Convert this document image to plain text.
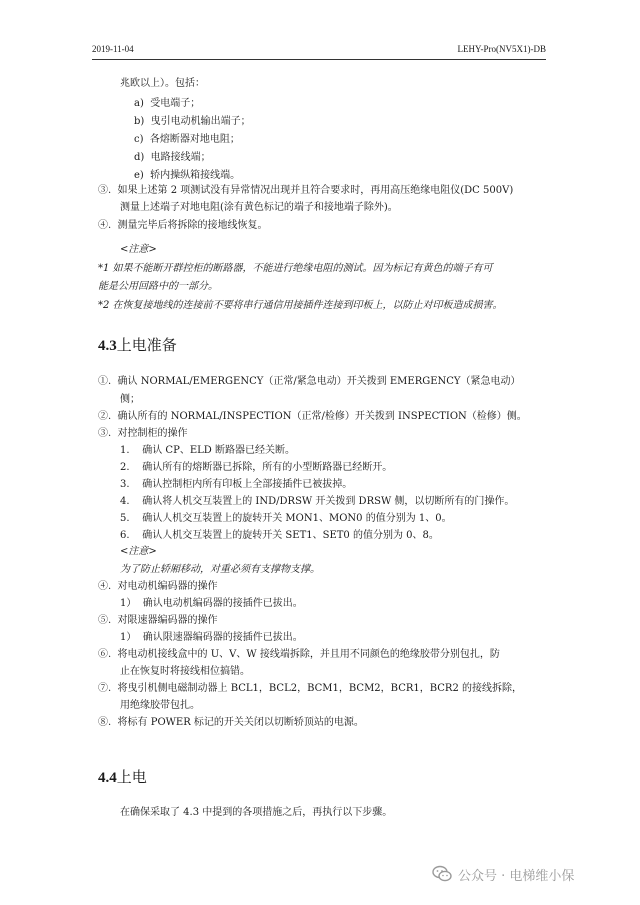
2019-11-04	LEHY-Pro(NV5X1)-DB
兆欧以上）。包括：
a)  受电端子；
b)  曳引电动机输出端子；
c)  各熔断器对地电阻；
d)  电路接线端；
e)  轿内操纵箱接线端。
③.  如果上述第 2 项测试没有异常情况出现并且符合要求时，再用高压绝缘电阻仪(DC 500V)
测量上述端子对地电阻(涂有黄色标记的端子和接地端子除外)。
④.  测量完毕后将拆除的接地线恢复。
<注意>
*1 如果不能断开群控柜的断路器，不能进行绝缘电阻的测试。因为标记有黄色的端子有可
能是公用回路中的一部分。
*2 在恢复接地线的连接前不要将串行通信用接插件连接到印板上，以防止对印板造成损害。
4.3上电准备
①.  确认 NORMAL/EMERGENCY（正常/紧急电动）开关拨到 EMERGENCY（紧急电动）
侧；
②.  确认所有的 NORMAL/INSPECTION（正常/检修）开关拨到 INSPECTION（检修）侧。
③.  对控制柜的操作
1.    确认 CP、ELD 断路器已经关断。
2.    确认所有的熔断器已拆除，所有的小型断路器已经断开。
3.    确认控制柜内所有印板上全部接插件已被拔掉。
4.    确认将人机交互装置上的 IND/DRSW 开关拨到 DRSW 侧，以切断所有的门操作。
5.    确认人机交互装置上的旋转开关 MON1、MON0 的值分别为 1、0。
6.    确认人机交互装置上的旋转开关 SET1、SET0 的值分别为 0、8。
<注意>
为了防止轿厢移动，对重必须有支撑物支撑。
④.  对电动机编码器的操作
1）  确认电动机编码器的接插件已拔出。
⑤.  对限速器编码器的操作
1）  确认限速器编码器的接插件已拔出。
⑥.  将电动机接线盒中的 U、V、W 接线端拆除，并且用不同颜色的绝缘胶带分别包扎，防
止在恢复时将接线相位搞错。
⑦.  将曳引机侧电磁制动器上 BCL1，BCL2，BCM1，BCM2，BCR1，BCR2 的接线拆除，
用绝缘胶带包扎。
⑧.  将标有 POWER 标记的开关关闭以切断轿顶站的电源。
4.4上电
在确保采取了 4.3 中提到的各项措施之后，再执行以下步骤。
公众号 · 电梯维小保
